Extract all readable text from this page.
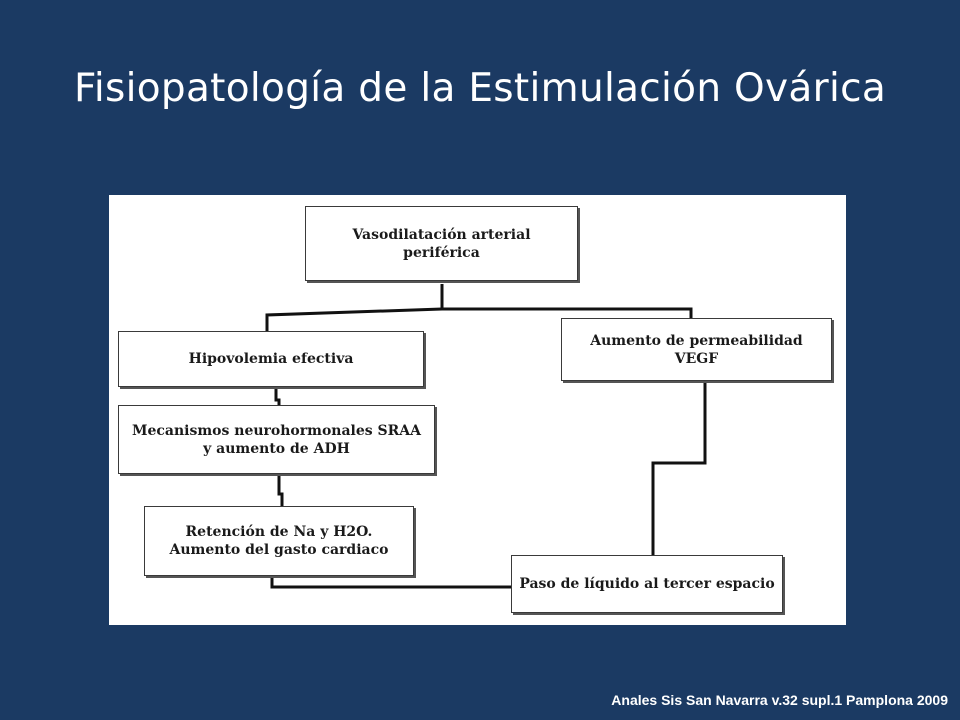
Fisiopatología de la Estimulación Ovárica
Vasodilatación arterial
periférica
Hipovolemia efectiva
Aumento de permeabilidad
VEGF
Mecanismos neurohormonales SRAA
y aumento de ADH
Retención de Na y H2O.
Aumento del gasto cardiaco
Paso de líquido al tercer espacio
Anales Sis San Navarra v.32 supl.1 Pamplona 2009
